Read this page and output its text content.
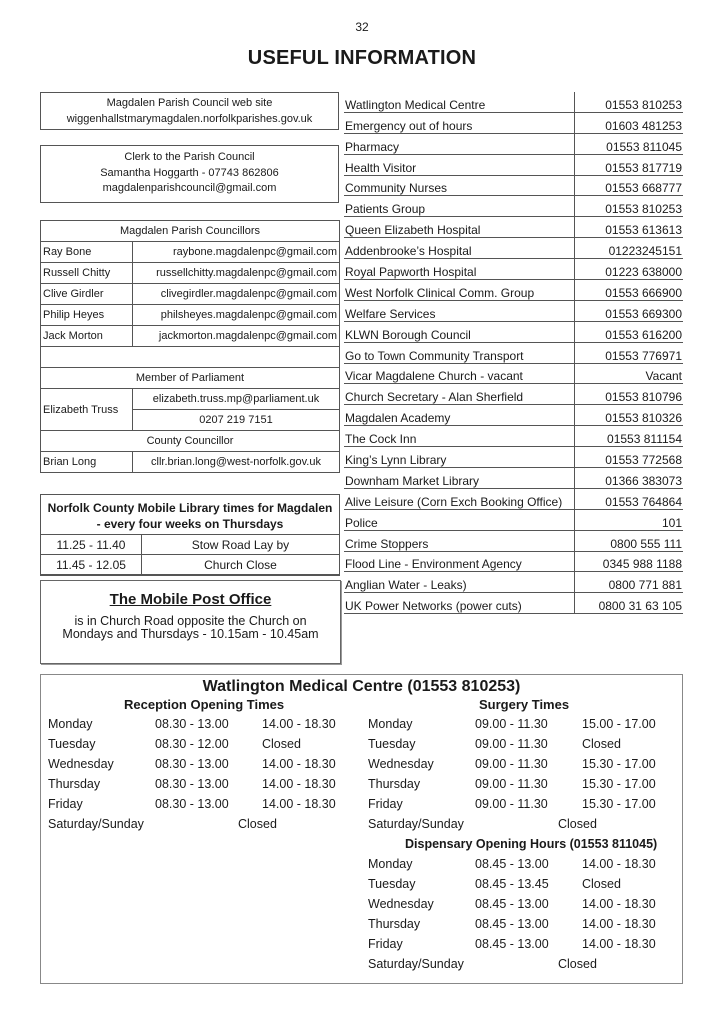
32
USEFUL INFORMATION
Magdalen Parish Council web site
wiggenhallstmarymagdalen.norfolkparishes.gov.uk
Clerk to the Parish Council
Samantha Hoggarth - 07743 862806
magdalenparishcouncil@gmail.com
Magdalen Parish Councillors	
Ray Bone	raybone.magdalenpc@gmail.com
Russell Chitty	russellchitty.magdalenpc@gmail.com
Clive Girdler	clivegirdler.magdalenpc@gmail.com
Philip Heyes	philsheyes.magdalenpc@gmail.com
Jack Morton	jackmorton.magdalenpc@gmail.com

Member of Parliament	
Elizabeth Truss	elizabeth.truss.mp@parliament.uk
	0207 219 7151
County Councillor	
Brian Long	cllr.brian.long@west-norfolk.gov.uk
Norfolk County Mobile Library times for Magdalen - every four weeks on Thursdays
11.25 - 11.40	Stow Road Lay by
11.45 - 12.05	Church Close
The Mobile Post Office
is in Church Road opposite the Church on Mondays and Thursdays - 10.15am - 10.45am
Watlington Medical Centre	01553 810253
Emergency out of hours	01603 481253
Pharmacy	01553 811045
Health Visitor	01553 817719
Community Nurses	01553 668777
Patients Group	01553 810253
Queen Elizabeth Hospital	01553 613613
Addenbrooke’s Hospital	01223245151
Royal Papworth Hospital	01223 638000
West Norfolk Clinical Comm. Group	01553 666900
Welfare Services	01553 669300
KLWN Borough Council	01553 616200
Go to Town Community Transport	01553 776971
Vicar Magdalene Church - vacant	Vacant
Church Secretary - Alan Sherfield	01553 810796
Magdalen Academy	01553 810326
The Cock Inn	01553 811154
King’s Lynn Library	01553 772568
Downham Market Library	01366 383073
Alive Leisure (Corn Exch Booking Office)	01553 764864
Police	101
Crime Stoppers	0800 555 111
Flood Line - Environment Agency	0345 988 1188
Anglian Water - Leaks)	0800 771 881
UK Power Networks (power cuts)	0800 31 63 105
Watlington Medical Centre (01553 810253)
Reception Opening Times	Surgery Times
Monday	08.30 - 13.00	14.00 - 18.30
Tuesday	08.30 - 12.00	Closed
Wednesday	08.30 - 13.00	14.00 - 18.30
Thursday	08.30 - 13.00	14.00 - 18.30
Friday	08.30 - 13.00	14.00 - 18.30
Saturday/Sunday	Closed
Monday	09.00 - 11.30	15.00 - 17.00
Tuesday	09.00 - 11.30	Closed
Wednesday	09.00 - 11.30	15.30 - 17.00
Thursday	09.00 - 11.30	15.30 - 17.00
Friday	09.00 - 11.30	15.30 - 17.00
Saturday/Sunday	Closed
Dispensary Opening Hours (01553 811045)
Monday	08.45 - 13.00	14.00 - 18.30
Tuesday	08.45 - 13.45	Closed
Wednesday	08.45 - 13.00	14.00 - 18.30
Thursday	08.45 - 13.00	14.00 - 18.30
Friday	08.45 - 13.00	14.00 - 18.30
Saturday/Sunday	Closed
